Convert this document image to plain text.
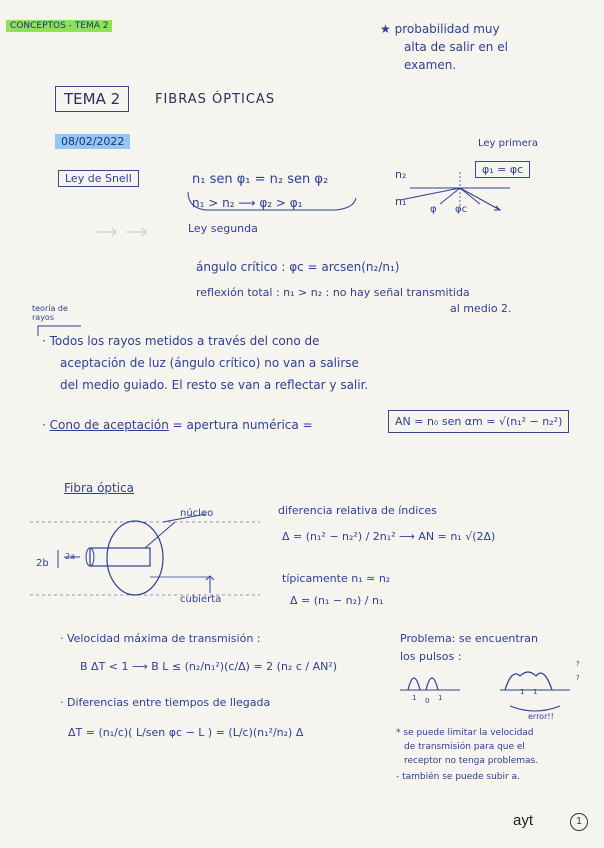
CONCEPTOS - TEMA 2	★ probabilidad muy
alta de salir en el
examen.
TEMA 2	FIBRAS ÓPTICAS
08/02/2022
Ley de Snell	n₁ sen φ₁ = n₂ sen φ₂
n₁ > n₂ ⟶ φ₂ > φ₁
Ley segunda
Ley primera
n₂
n₁
φ₁ = φc
φ φc
ángulo crítico : φc = arcsen(n₂/n₁)
reflexión total : n₁ > n₂ : no hay señal transmitida
al medio 2.
teoría de
rayos
· Todos los rayos metidos a través del cono de
aceptación de luz (ángulo crítico) no van a salirse
del medio guiado. El resto se van a reflectar y salir.
· Cono de aceptación = apertura numérica =	AN = n₀ sen αm = √(n₁² − n₂²)
Fibra óptica
núcleo
cubierta
2b
2a
diferencia relativa de índices
Δ = (n₁² − n₂²) / 2n₁² ⟶ AN = n₁ √(2Δ)
típicamente n₁ ≃ n₂
Δ = (n₁ − n₂) / n₁
· Velocidad máxima de transmisión :
B ΔT < 1 ⟶ B L ≤ (n₂/n₁²)(c/Δ) = 2 (n₂ c / AN²)
· Diferencias entre tiempos de llegada
ΔT = (n₁/c)( L/sen φc − L ) = (L/c)(n₁²/n₂) Δ
Problema: se encuentran
los pulsos :
1 0 1
1 1
?
?
error!!
* se puede limitar la velocidad
de transmisión para que el
receptor no tenga problemas.
- también se puede subir a.
ayt	1
